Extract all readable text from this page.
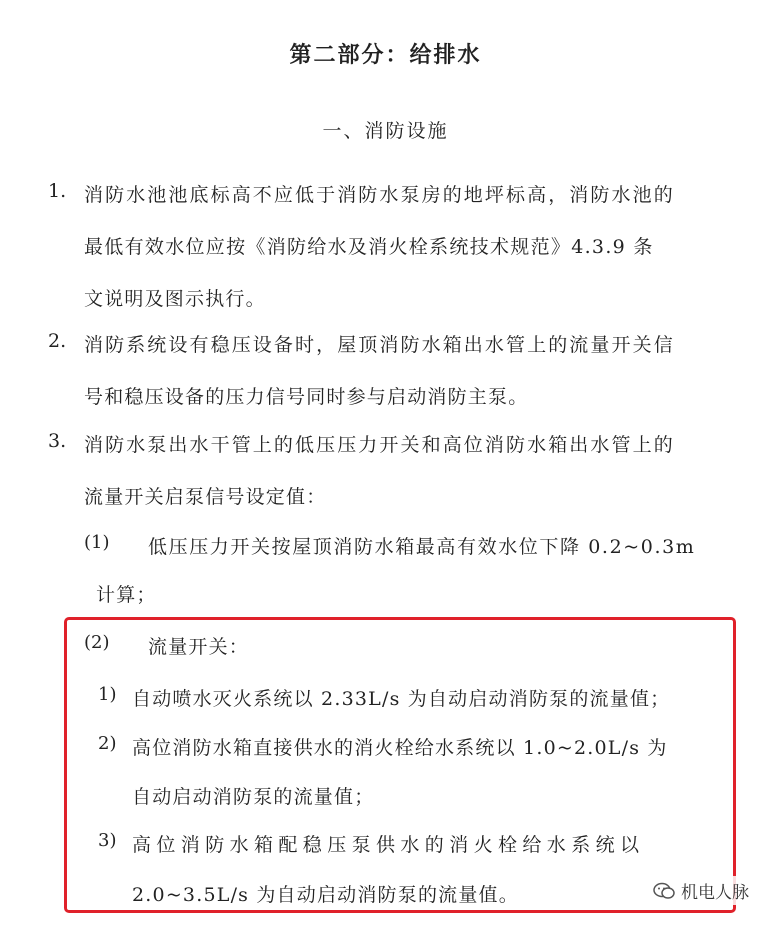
第二部分：给排水
一、消防设施
1. 消防水池池底标高不应低于消防水泵房的地坪标高，消防水池的
最低有效水位应按《消防给水及消火栓系统技术规范》4.3.9 条
文说明及图示执行。
2. 消防系统设有稳压设备时，屋顶消防水箱出水管上的流量开关信
号和稳压设备的压力信号同时参与启动消防主泵。
3. 消防水泵出水干管上的低压压力开关和高位消防水箱出水管上的
流量开关启泵信号设定值：
(1) 低压压力开关按屋顶消防水箱最高有效水位下降 0.2~0.3m
计算；
(2) 流量开关：
1) 自动喷水灭火系统以 2.33L/s 为自动启动消防泵的流量值；
2) 高位消防水箱直接供水的消火栓给水系统以 1.0~2.0L/s 为
自动启动消防泵的流量值；
3) 高位消防水箱配稳压泵供水的消火栓给水系统以
2.0~3.5L/s 为自动启动消防泵的流量值。	机电人脉
